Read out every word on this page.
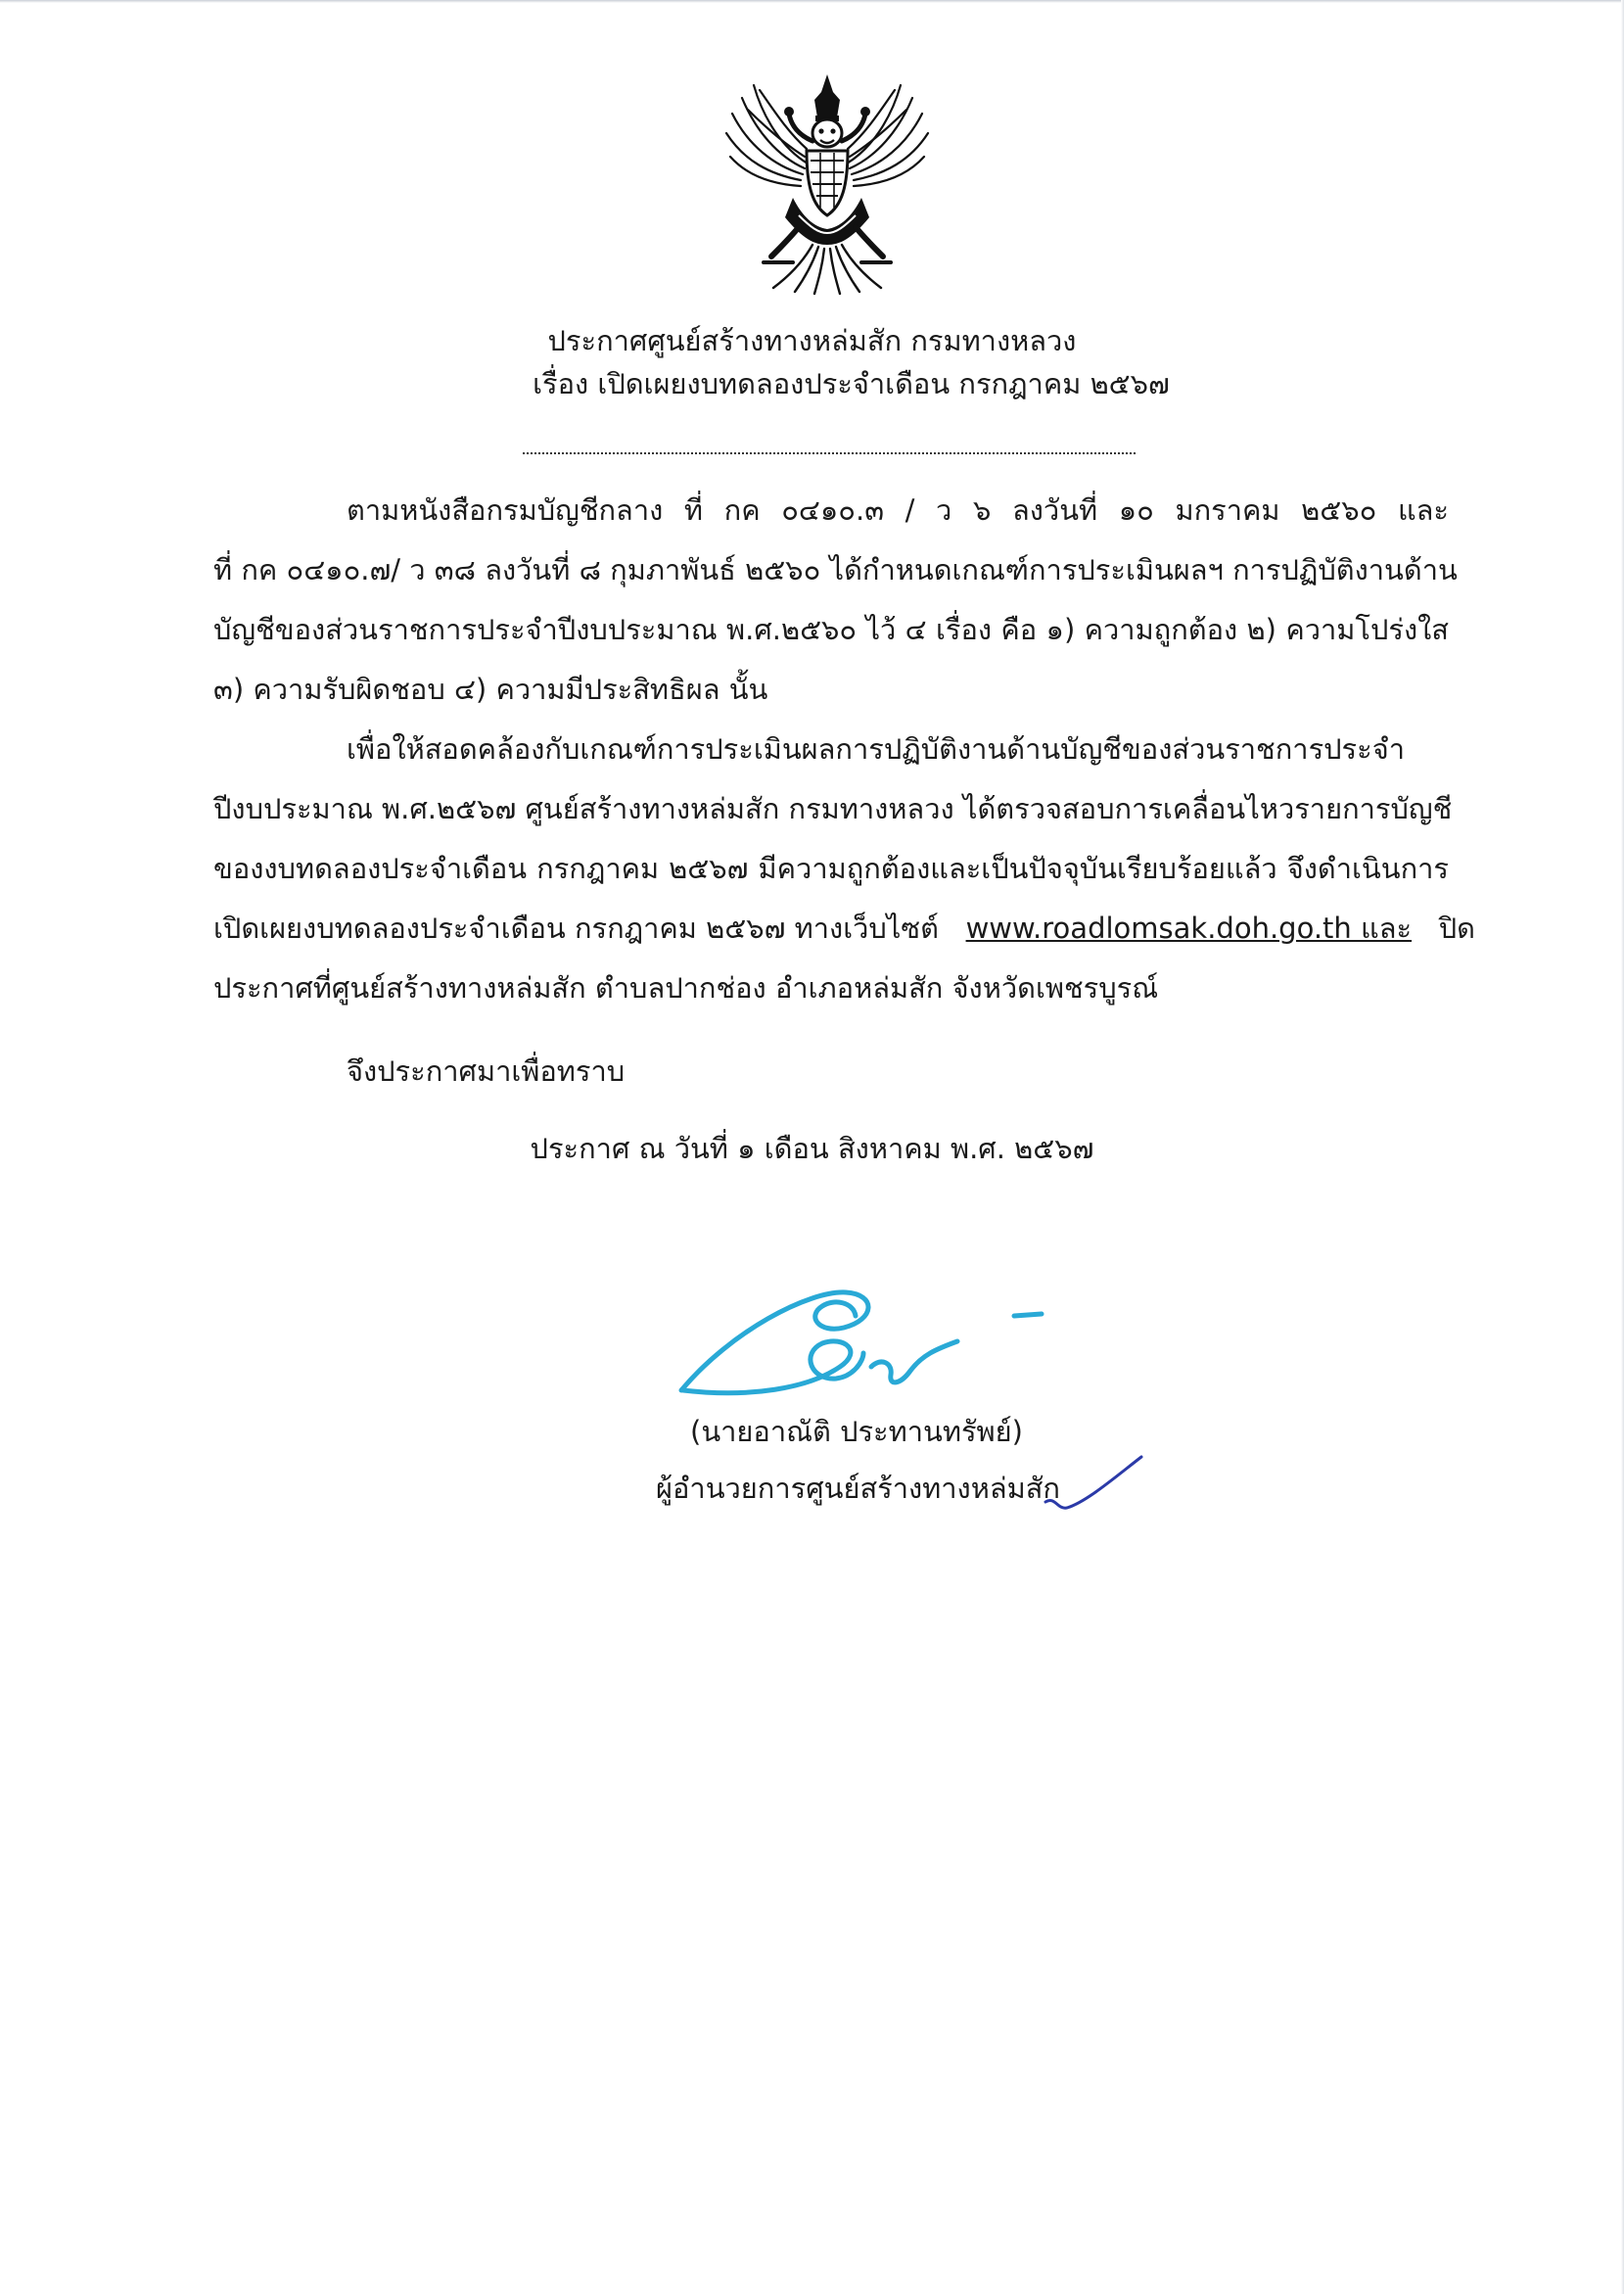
ประกาศศูนย์สร้างทางหล่มสัก กรมทางหลวง
เรื่อง เปิดเผยงบทดลองประจำเดือน กรกฎาคม ๒๕๖๗
ตามหนังสือกรมบัญชีกลาง ที่ กค ๐๔๑๐.๓ / ว ๖ ลงวันที่ ๑๐ มกราคม ๒๕๖๐ และ
ที่ กค ๐๔๑๐.๗/ ว ๓๘ ลงวันที่ ๘ กุมภาพันธ์ ๒๕๖๐ ได้กำหนดเกณฑ์การประเมินผลฯ การปฏิบัติงานด้าน
บัญชีของส่วนราชการประจำปีงบประมาณ พ.ศ.๒๕๖๐ ไว้ ๔ เรื่อง คือ ๑) ความถูกต้อง ๒) ความโปร่งใส
๓) ความรับผิดชอบ ๔) ความมีประสิทธิผล นั้น
เพื่อให้สอดคล้องกับเกณฑ์การประเมินผลการปฏิบัติงานด้านบัญชีของส่วนราชการประจำ
ปีงบประมาณ พ.ศ.๒๕๖๗ ศูนย์สร้างทางหล่มสัก กรมทางหลวง ได้ตรวจสอบการเคลื่อนไหวรายการบัญชี
ของงบทดลองประจำเดือน กรกฎาคม ๒๕๖๗ มีความถูกต้องและเป็นปัจจุบันเรียบร้อยแล้ว จึงดำเนินการ
เปิดเผยงบทดลองประจำเดือน กรกฎาคม ๒๕๖๗ ทางเว็บไซต์ www.roadlomsak.doh.go.th และ ปิด
ประกาศที่ศูนย์สร้างทางหล่มสัก ตำบลปากช่อง อำเภอหล่มสัก จังหวัดเพชรบูรณ์
จึงประกาศมาเพื่อทราบ
ประกาศ ณ วันที่ ๑ เดือน สิงหาคม พ.ศ. ๒๕๖๗
(นายอาณัติ ประทานทรัพย์)
ผู้อำนวยการศูนย์สร้างทางหล่มสัก
